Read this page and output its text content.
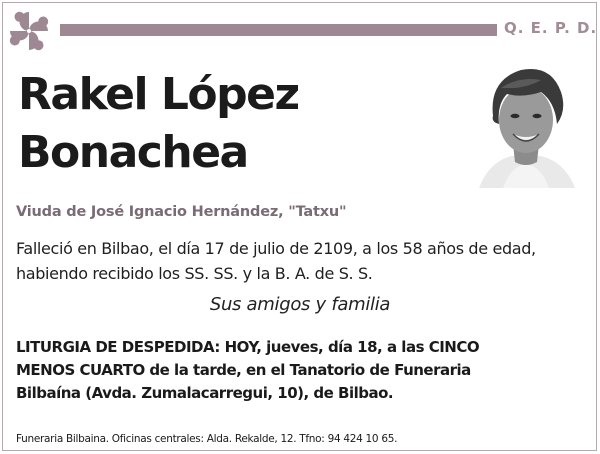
Q. E. P. D.
Rakel López
Bonachea
Viuda de José Ignacio Hernández, "Tatxu"
Falleció en Bilbao, el día 17 de julio de 2109, a los 58 años de edad,
habiendo recibido los SS. SS. y la B. A. de S. S.
Sus amigos y familia
LITURGIA DE DESPEDIDA: HOY, jueves, día 18, a las CINCO
MENOS CUARTO de la tarde, en el Tanatorio de Funeraria
Bilbaína (Avda. Zumalacarregui, 10), de Bilbao.
Funeraria Bilbaina. Oficinas centrales: Alda. Rekalde, 12. Tfno: 94 424 10 65.
